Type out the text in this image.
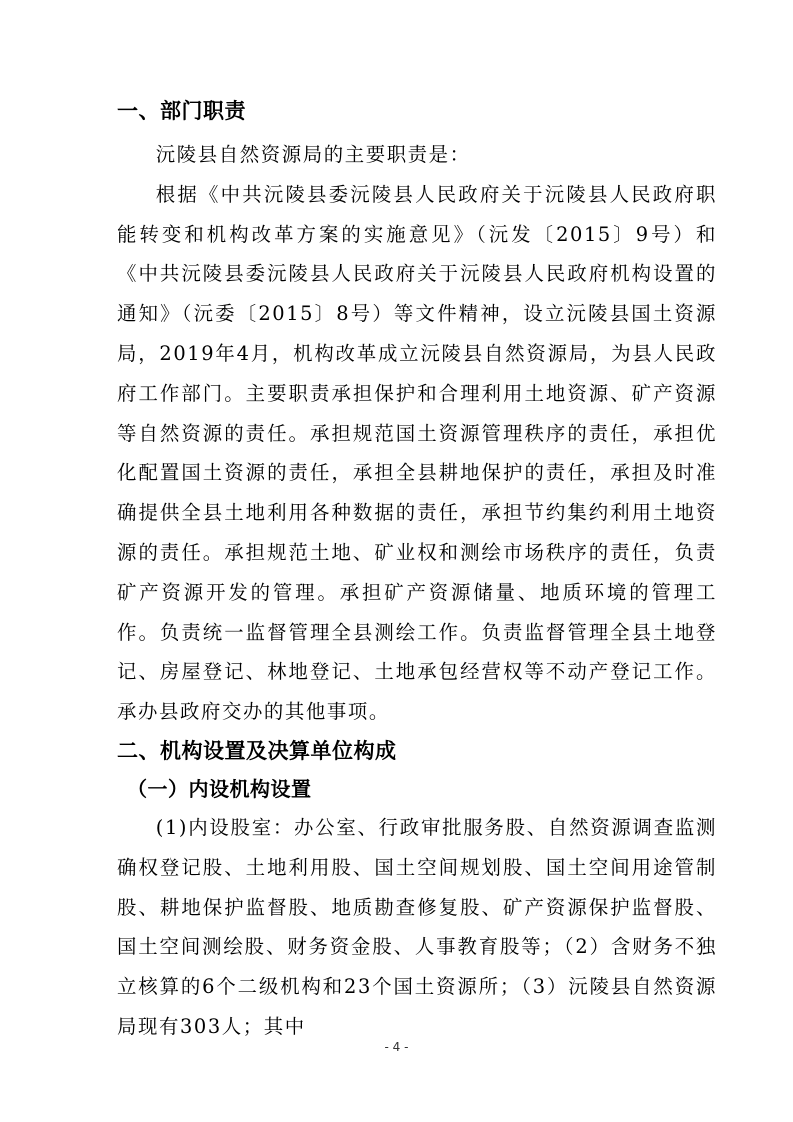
一、部门职责

沅陵县自然资源局的主要职责是：

根据《中共沅陵县委沅陵县人民政府关于沅陵县人民政府职能转变和机构改革方案的实施意见》（沅发〔2015〕9号）和《中共沅陵县委沅陵县人民政府关于沅陵县人民政府机构设置的通知》（沅委〔2015〕8号）等文件精神，设立沅陵县国土资源局，2019年4月，机构改革成立沅陵县自然资源局，为县人民政府工作部门。主要职责承担保护和合理利用土地资源、矿产资源等自然资源的责任。承担规范国土资源管理秩序的责任，承担优化配置国土资源的责任，承担全县耕地保护的责任，承担及时准确提供全县土地利用各种数据的责任，承担节约集约利用土地资源的责任。承担规范土地、矿业权和测绘市场秩序的责任，负责矿产资源开发的管理。承担矿产资源储量、地质环境的管理工作。负责统一监督管理全县测绘工作。负责监督管理全县土地登记、房屋登记、林地登记、土地承包经营权等不动产登记工作。承办县政府交办的其他事项。

二、机构设置及决算单位构成
（一）内设机构设置

(1)内设股室：办公室、行政审批服务股、自然资源调查监测确权登记股、土地利用股、国土空间规划股、国土空间用途管制股、耕地保护监督股、地质勘查修复股、矿产资源保护监督股、国土空间测绘股、财务资金股、人事教育股等；（2）含财务不独立核算的6个二级机构和23个国土资源所；（3）沅陵县自然资源局现有303人；其中

- 4 -
